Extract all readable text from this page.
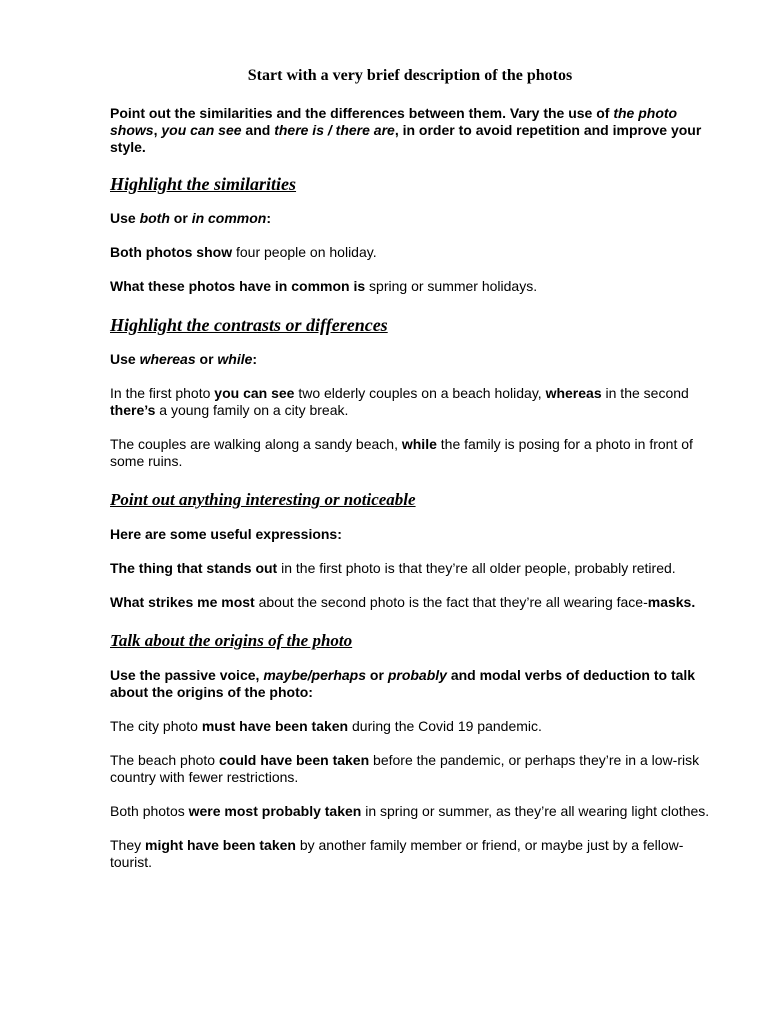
Start with a very brief description of the photos
Point out the similarities and the differences between them. Vary the use of the photo shows, you can see and there is / there are, in order to avoid repetition and improve your style.
Highlight the similarities
Use both or in common:
Both photos show four people on holiday.
What these photos have in common is spring or summer holidays.
Highlight the contrasts or differences
Use whereas or while:
In the first photo you can see two elderly couples on a beach holiday, whereas in the second there’s a young family on a city break.
The couples are walking along a sandy beach, while the family is posing for a photo in front of some ruins.
Point out anything interesting or noticeable
Here are some useful expressions:
The thing that stands out in the first photo is that they’re all older people, probably retired.
What strikes me most about the second photo is the fact that they’re all wearing face-masks.
Talk about the origins of the photo
Use the passive voice, maybe/perhaps or probably and modal verbs of deduction to talk about the origins of the photo:
The city photo must have been taken during the Covid 19 pandemic.
The beach photo could have been taken before the pandemic, or perhaps they’re in a low-risk country with fewer restrictions.
Both photos were most probably taken in spring or summer, as they’re all wearing light clothes.
They might have been taken by another family member or friend, or maybe just by a fellow-tourist.
